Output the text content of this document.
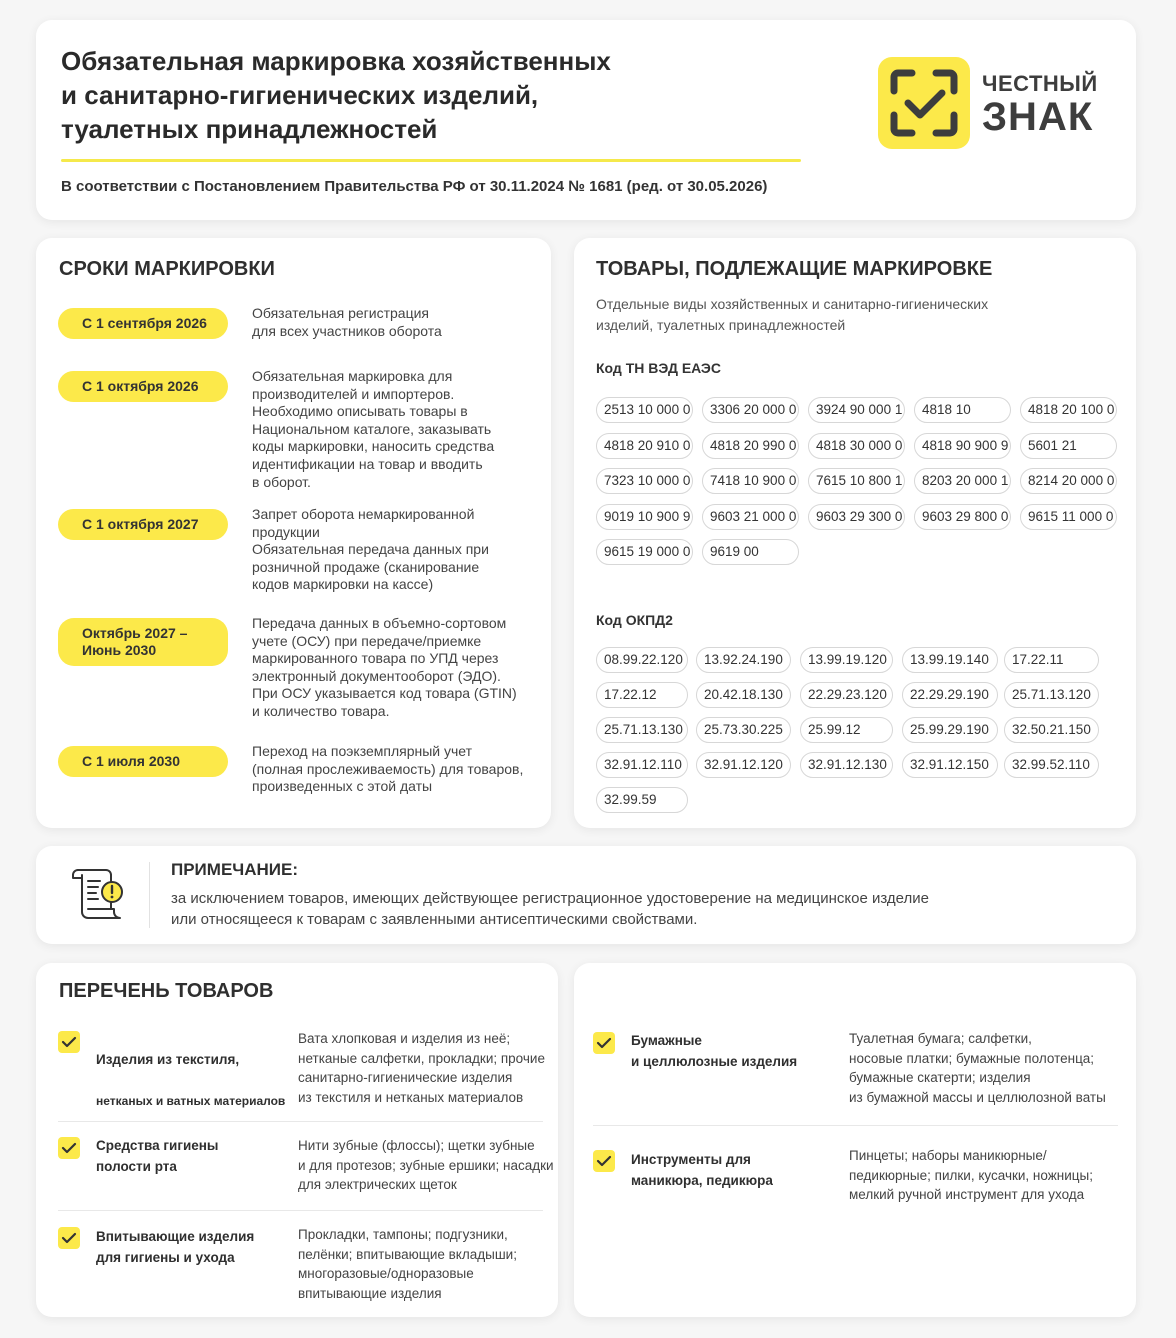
Обязательная маркировка хозяйственных
и санитарно-гигиенических изделий,
туалетных принадлежностей
В соответствии с Постановлением Правительства РФ от 30.11.2024 № 1681 (ред. от 30.05.2026)
ЧЕСТНЫЙ
ЗНАК
СРОКИ МАРКИРОВКИ
С 1 сентября 2026
Обязательная регистрация
для всех участников оборота
С 1 октября 2026
Обязательная маркировка для
производителей и импортеров.
Необходимо описывать товары в
Национальном каталоге, заказывать
коды маркировки, наносить средства
идентификации на товар и вводить
в оборот.
С 1 октября 2027
Запрет оборота немаркированной
продукции
Обязательная передача данных при
розничной продаже (сканирование
кодов маркировки на кассе)
Октябрь 2027 –
Июнь 2030
Передача данных в объемно-сортовом
учете (ОСУ) при передаче/приемке
маркированного товара по УПД через
электронный документооборот (ЭДО).
При ОСУ указывается код товара (GTIN)
и количество товара.
С 1 июля 2030
Переход на поэкземплярный учет
(полная прослеживаемость) для товаров,
произведенных с этой даты
ТОВАРЫ, ПОДЛЕЖАЩИЕ МАРКИРОВКЕ
Отдельные виды хозяйственных и санитарно-гигиенических изделий, туалетных принадлежностей
Код ТН ВЭД ЕАЭС
2513 10 000 0	3306 20 000 0	3924 90 000 1	4818 10	4818 20 100 0
4818 20 910 0	4818 20 990 0	4818 30 000 0	4818 90 900 9	5601 21
7323 10 000 0	7418 10 900 0	7615 10 800 1	8203 20 000 1	8214 20 000 0
9019 10 900 9	9603 21 000 0	9603 29 300 0	9603 29 800 0	9615 11 000 0
9615 19 000 0	9619 00
Код ОКПД2
08.99.22.120	13.92.24.190	13.99.19.120	13.99.19.140	17.22.11
17.22.12	20.42.18.130	22.29.23.120	22.29.29.190	25.71.13.120
25.71.13.130	25.73.30.225	25.99.12	25.99.29.190	32.50.21.150
32.91.12.110	32.91.12.120	32.91.12.130	32.91.12.150	32.99.52.110
32.99.59
ПРИМЕЧАНИЕ:
за исключением товаров, имеющих действующее регистрационное удостоверение на медицинское изделие
или относящееся к товарам с заявленными антисептическими свойствами.
ПЕРЕЧЕНЬ ТОВАРОВ

Изделия из текстиля,

нетканых и ватных материалов

Вата хлопковая и изделия из неё;
нетканые салфетки, прокладки; прочие
санитарно-гигиенические изделия
из текстиля и нетканых материалов
Средства гигиены
полости рта
Нити зубные (флоссы); щетки зубные
и для протезов; зубные ершики; насадки
для электрических щеток
Впитывающие изделия
для гигиены и ухода
Прокладки, тампоны; подгузники,
пелёнки; впитывающие вкладыши;
многоразовые/одноразовые
впитывающие изделия
Бумажные
и целлюлозные изделия
Туалетная бумага; салфетки,
носовые платки; бумажные полотенца;
бумажные скатерти; изделия
из бумажной массы и целлюлозной ваты
Инструменты для
маникюра, педикюра
Пинцеты; наборы маникюрные/
педикюрные; пилки, кусачки, ножницы;
мелкий ручной инструмент для ухода
